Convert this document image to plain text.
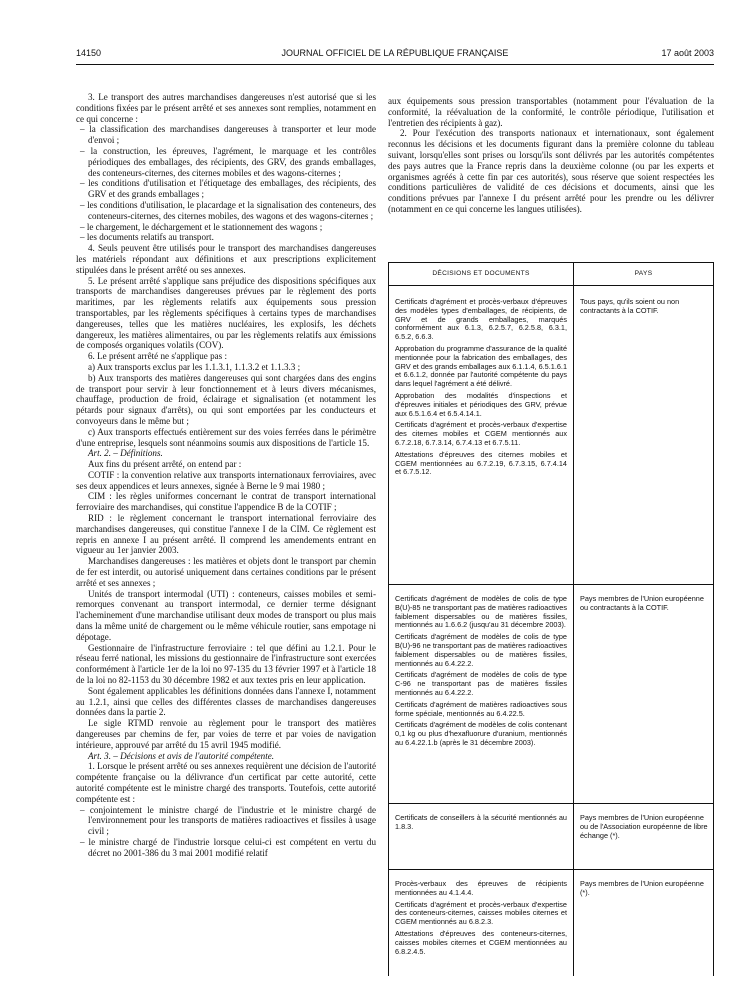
14150	JOURNAL OFFICIEL DE LA RÉPUBLIQUE FRANÇAISE	17 août 2003

3. Le transport des autres marchandises dangereuses n'est autorisé que si les conditions fixées par le présent arrêté et ses annexes sont remplies, notamment en ce qui concerne :

– la classification des marchandises dangereuses à transporter et leur mode d'envoi ;
– la construction, les épreuves, l'agrément, le marquage et les contrôles périodiques des emballages, des récipients, des GRV, des grands emballages, des conteneurs-citernes, des citernes mobiles et des wagons-citernes ;
– les conditions d'utilisation et l'étiquetage des emballages, des récipients, des GRV et des grands emballages ;
– les conditions d'utilisation, le placardage et la signalisation des conteneurs, des conteneurs-citernes, des citernes mobiles, des wagons et des wagons-citernes ;
– le chargement, le déchargement et le stationnement des wagons ;
– les documents relatifs au transport.

4. Seuls peuvent être utilisés pour le transport des marchandises dangereuses les matériels répondant aux définitions et aux prescriptions explicitement stipulées dans le présent arrêté ou ses annexes.

5. Le présent arrêté s'applique sans préjudice des dispositions spécifiques aux transports de marchandises dangereuses prévues par le règlement des ports maritimes, par les règlements relatifs aux équipements sous pression transportables, par les règlements spécifiques à certains types de marchandises dangereuses, telles que les matières nucléaires, les explosifs, les déchets dangereux, les matières alimentaires, ou par les règlements relatifs aux émissions de composés organiques volatils (COV).

6. Le présent arrêté ne s'applique pas :

a) Aux transports exclus par les 1.1.3.1, 1.1.3.2 et 1.1.3.3 ;

b) Aux transports des matières dangereuses qui sont chargées dans des engins de transport pour servir à leur fonctionnement et à leurs divers mécanismes, chauffage, production de froid, éclairage et signalisation (et notamment les pétards pour signaux d'arrêts), ou qui sont emportées par les conducteurs et convoyeurs dans le même but ;

c) Aux transports effectués entièrement sur des voies ferrées dans le périmètre d'une entreprise, lesquels sont néanmoins soumis aux dispositions de l'article 15.

Art. 2. – Définitions.

Aux fins du présent arrêté, on entend par :

COTIF : la convention relative aux transports internationaux ferroviaires, avec ses deux appendices et leurs annexes, signée à Berne le 9 mai 1980 ;

CIM : les règles uniformes concernant le contrat de transport international ferroviaire des marchandises, qui constitue l'appendice B de la COTIF ;

RID : le règlement concernant le transport international ferroviaire des marchandises dangereuses, qui constitue l'annexe I de la CIM. Ce règlement est repris en annexe I au présent arrêté. Il comprend les amendements entrant en vigueur au 1er janvier 2003.

Marchandises dangereuses : les matières et objets dont le transport par chemin de fer est interdit, ou autorisé uniquement dans certaines conditions par le présent arrêté et ses annexes ;

Unités de transport intermodal (UTI) : conteneurs, caisses mobiles et semi-remorques convenant au transport intermodal, ce dernier terme désignant l'acheminement d'une marchandise utilisant deux modes de transport ou plus mais dans la même unité de chargement ou le même véhicule routier, sans empotage ni dépotage.

Gestionnaire de l'infrastructure ferroviaire : tel que défini au 1.2.1. Pour le réseau ferré national, les missions du gestionnaire de l'infrastructure sont exercées conformément à l'article 1er de la loi no 97-135 du 13 février 1997 et à l'article 18 de la loi no 82-1153 du 30 décembre 1982 et aux textes pris en leur application.

Sont également applicables les définitions données dans l'annexe I, notamment au 1.2.1, ainsi que celles des différentes classes de marchandises dangereuses données dans la partie 2.

Le sigle RTMD renvoie au règlement pour le transport des matières dangereuses par chemins de fer, par voies de terre et par voies de navigation intérieure, approuvé par arrêté du 15 avril 1945 modifié.

Art. 3. – Décisions et avis de l'autorité compétente.

1. Lorsque le présent arrêté ou ses annexes requièrent une décision de l'autorité compétente française ou la délivrance d'un certificat par cette autorité, cette autorité compétente est le ministre chargé des transports. Toutefois, cette autorité compétente est :

– conjointement le ministre chargé de l'industrie et le ministre chargé de l'environnement pour les transports de matières radioactives et fissiles à usage civil ;
– le ministre chargé de l'industrie lorsque celui-ci est compétent en vertu du décret no 2001-386 du 3 mai 2001 modifié relatif

aux équipements sous pression transportables (notamment pour l'évaluation de la conformité, la réévaluation de la conformité, le contrôle périodique, l'utilisation et l'entretien des récipients à gaz).

2. Pour l'exécution des transports nationaux et internationaux, sont également reconnus les décisions et les documents figurant dans la première colonne du tableau suivant, lorsqu'elles sont prises ou lorsqu'ils sont délivrés par les autorités compétentes des pays autres que la France repris dans la deuxième colonne (ou par les experts et organismes agréés à cette fin par ces autorités), sous réserve que soient respectées les conditions particulières de validité de ces décisions et documents, ainsi que les conditions prévues par l'annexe I du présent arrêté pour les prendre ou les délivrer (notamment en ce qui concerne les langues utilisées).

DÉCISIONS ET DOCUMENTS	PAYS

Certificats d'agrément et procès-verbaux d'épreuves des modèles types d'emballages, de récipients, de GRV et de grands emballages, marqués conformément aux 6.1.3, 6.2.5.7, 6.2.5.8, 6.3.1, 6.5.2, 6.6.3.
Approbation du programme d'assurance de la qualité mentionnée pour la fabrication des emballages, des GRV et des grands emballages aux 6.1.1.4, 6.5.1.6.1 et 6.6.1.2, donnée par l'autorité compétente du pays dans lequel l'agrément a été délivré.
Approbation des modalités d'inspections et d'épreuves initiales et périodiques des GRV, prévue aux 6.5.1.6.4 et 6.5.4.14.1.
Certificats d'agrément et procès-verbaux d'expertise des citernes mobiles et CGEM mentionnés aux 6.7.2.18, 6.7.3.14, 6.7.4.13 et 6.7.5.11.
Attestations d'épreuves des citernes mobiles et CGEM mentionnées au 6.7.2.19, 6.7.3.15, 6.7.4.14 et 6.7.5.12.	Tous pays, qu'ils soient ou non contractants à la COTIF.

Certificats d'agrément de modèles de colis de type B(U)-85 ne transportant pas de matières radioactives faiblement dispersables ou de matières fissiles, mentionnés au 1.6.6.2 (jusqu'au 31 décembre 2003).
Certificats d'agrément de modèles de colis de type B(U)-96 ne transportant pas de matières radioactives faiblement dispersables ou de matières fissiles, mentionnés au 6.4.22.2.
Certificats d'agrément de modèles de colis de type C-96 ne transportant pas de matières fissiles mentionnés au 6.4.22.2.
Certificats d'agrément de matières radioactives sous forme spéciale, mentionnés au 6.4.22.5.
Certificats d'agrément de modèles de colis contenant 0,1 kg ou plus d'hexafluorure d'uranium, mentionnés au 6.4.22.1.b (après le 31 décembre 2003).	Pays membres de l'Union européenne ou contractants à la COTIF.

Certificats de conseillers à la sécurité mentionnés au 1.8.3.	Pays membres de l'Union européenne ou de l'Association européenne de libre échange (*).

Procès-verbaux des épreuves de récipients mentionnées au 4.1.4.4.
Certificats d'agrément et procès-verbaux d'expertise des conteneurs-citernes, caisses mobiles citernes et CGEM mentionnés au 6.8.2.3.
Attestations d'épreuves des conteneurs-citernes, caisses mobiles citernes et CGEM mentionnées au 6.8.2.4.5.	Pays membres de l'Union européenne (*).
